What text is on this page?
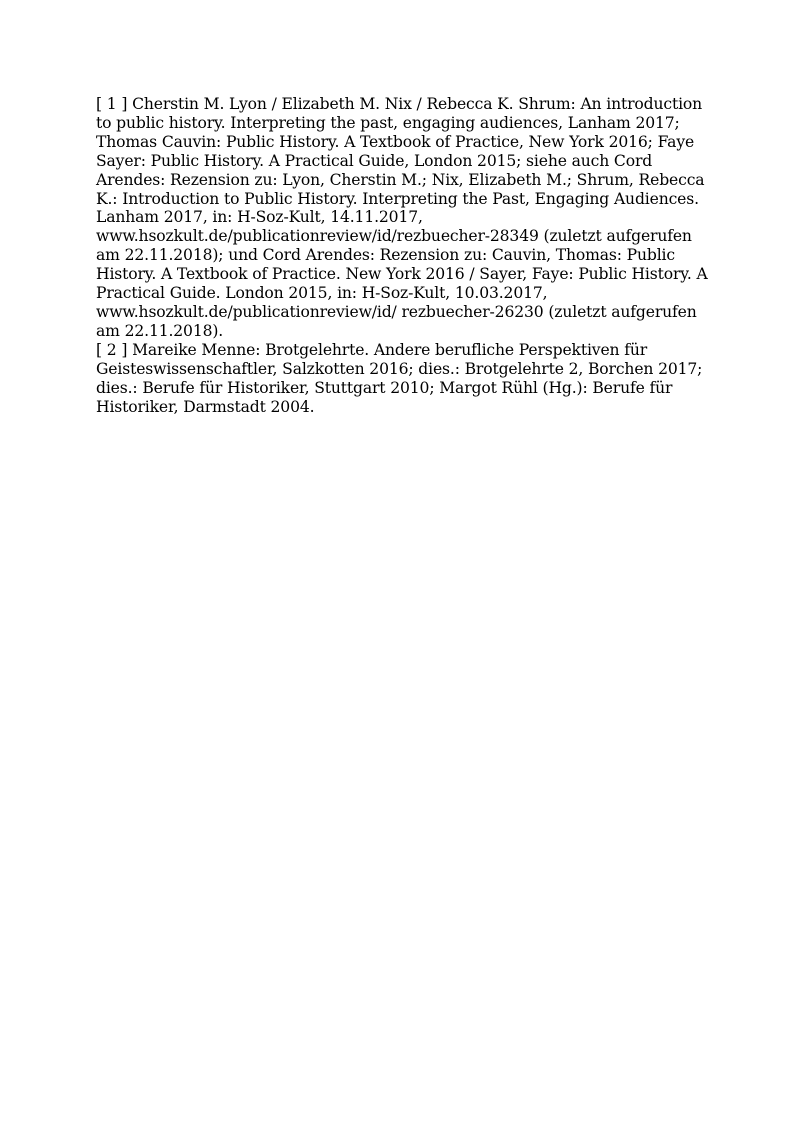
[ 1 ] Cherstin M. Lyon / Elizabeth M. Nix / Rebecca K. Shrum: An introduction to public history. Interpreting the past, engaging audiences, Lanham 2017; Thomas Cauvin: Public History. A Textbook of Practice, New York 2016; Faye Sayer: Public History. A Practical Guide, London 2015; siehe auch Cord Arendes: Rezension zu: Lyon, Cherstin M.; Nix, Elizabeth M.; Shrum, Rebecca K.: Introduction to Public History. Interpreting the Past, Engaging Audiences. Lanham 2017, in: H-Soz-Kult, 14.11.2017, www.hsozkult.de/publicationreview/id/rezbuecher-28349 (zuletzt aufgerufen am 22.11.2018); und Cord Arendes: Rezension zu: Cauvin, Thomas: Public History. A Textbook of Practice. New York 2016 / Sayer, Faye: Public History. A Practical Guide. London 2015, in: H-Soz-Kult, 10.03.2017, www.hsozkult.de/publicationreview/id/ rezbuecher-26230 (zuletzt aufgerufen am 22.11.2018).

[ 2 ] Mareike Menne: Brotgelehrte. Andere berufliche Perspektiven für Geisteswissenschaftler, Salzkotten 2016; dies.: Brotgelehrte 2, Borchen 2017; dies.: Berufe für Historiker, Stuttgart 2010; Margot Rühl (Hg.): Berufe für Historiker, Darmstadt 2004.
